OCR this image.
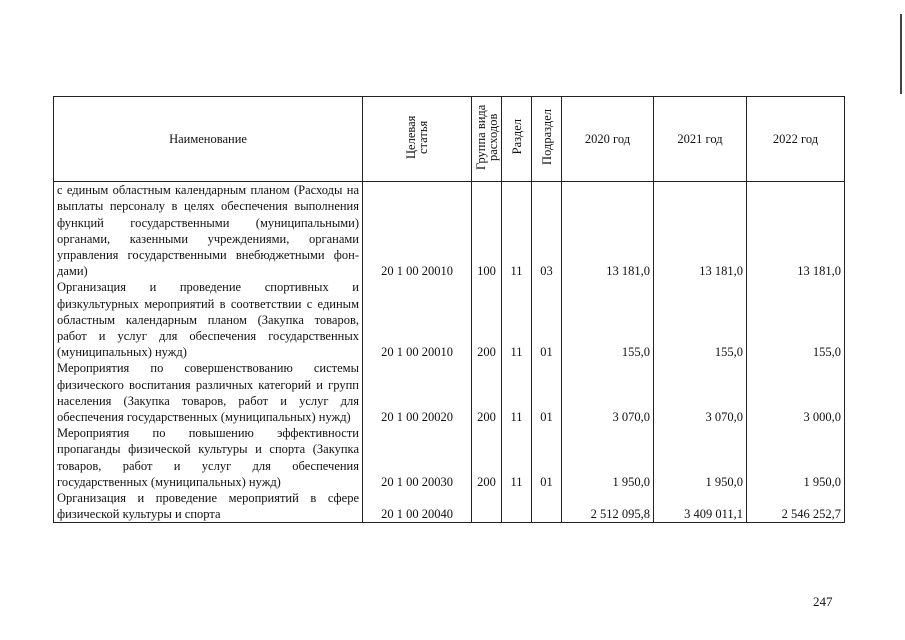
Наименование	Целевая статья	Группа вида расходов	Раздел	Подраздел	2020 год	2021 год	2022 год
с единым областным календарным планом (Расходы на выплаты персоналу в целях обеспечения выполнения функций государственными (муниципальными) органами, казенными учреждениями, органами управления государственными внебюджетными фондами)	20 1 00 20010	100	11	03	13 181,0	13 181,0	13 181,0
Организация и проведение спортивных и физкультурных мероприятий в соответствии с единым областным календарным планом (Закупка товаров, работ и услуг для обеспечения государственных (муниципальных) нужд)	20 1 00 20010	200	11	01	155,0	155,0	155,0
Мероприятия по совершенствованию системы физического воспитания различных категорий и групп населения (Закупка товаров, работ и услуг для обеспечения государственных (муниципальных) нужд)	20 1 00 20020	200	11	01	3 070,0	3 070,0	3 000,0
Мероприятия по повышению эффективности пропаганды физической культуры и спорта (Закупка товаров, работ и услуг для обеспечения государственных (муниципальных) нужд)	20 1 00 20030	200	11	01	1 950,0	1 950,0	1 950,0
Организация и проведение мероприятий в сфере физической культуры и спорта	20 1 00 20040				2 512 095,8	3 409 011,1	2 546 252,7
247
